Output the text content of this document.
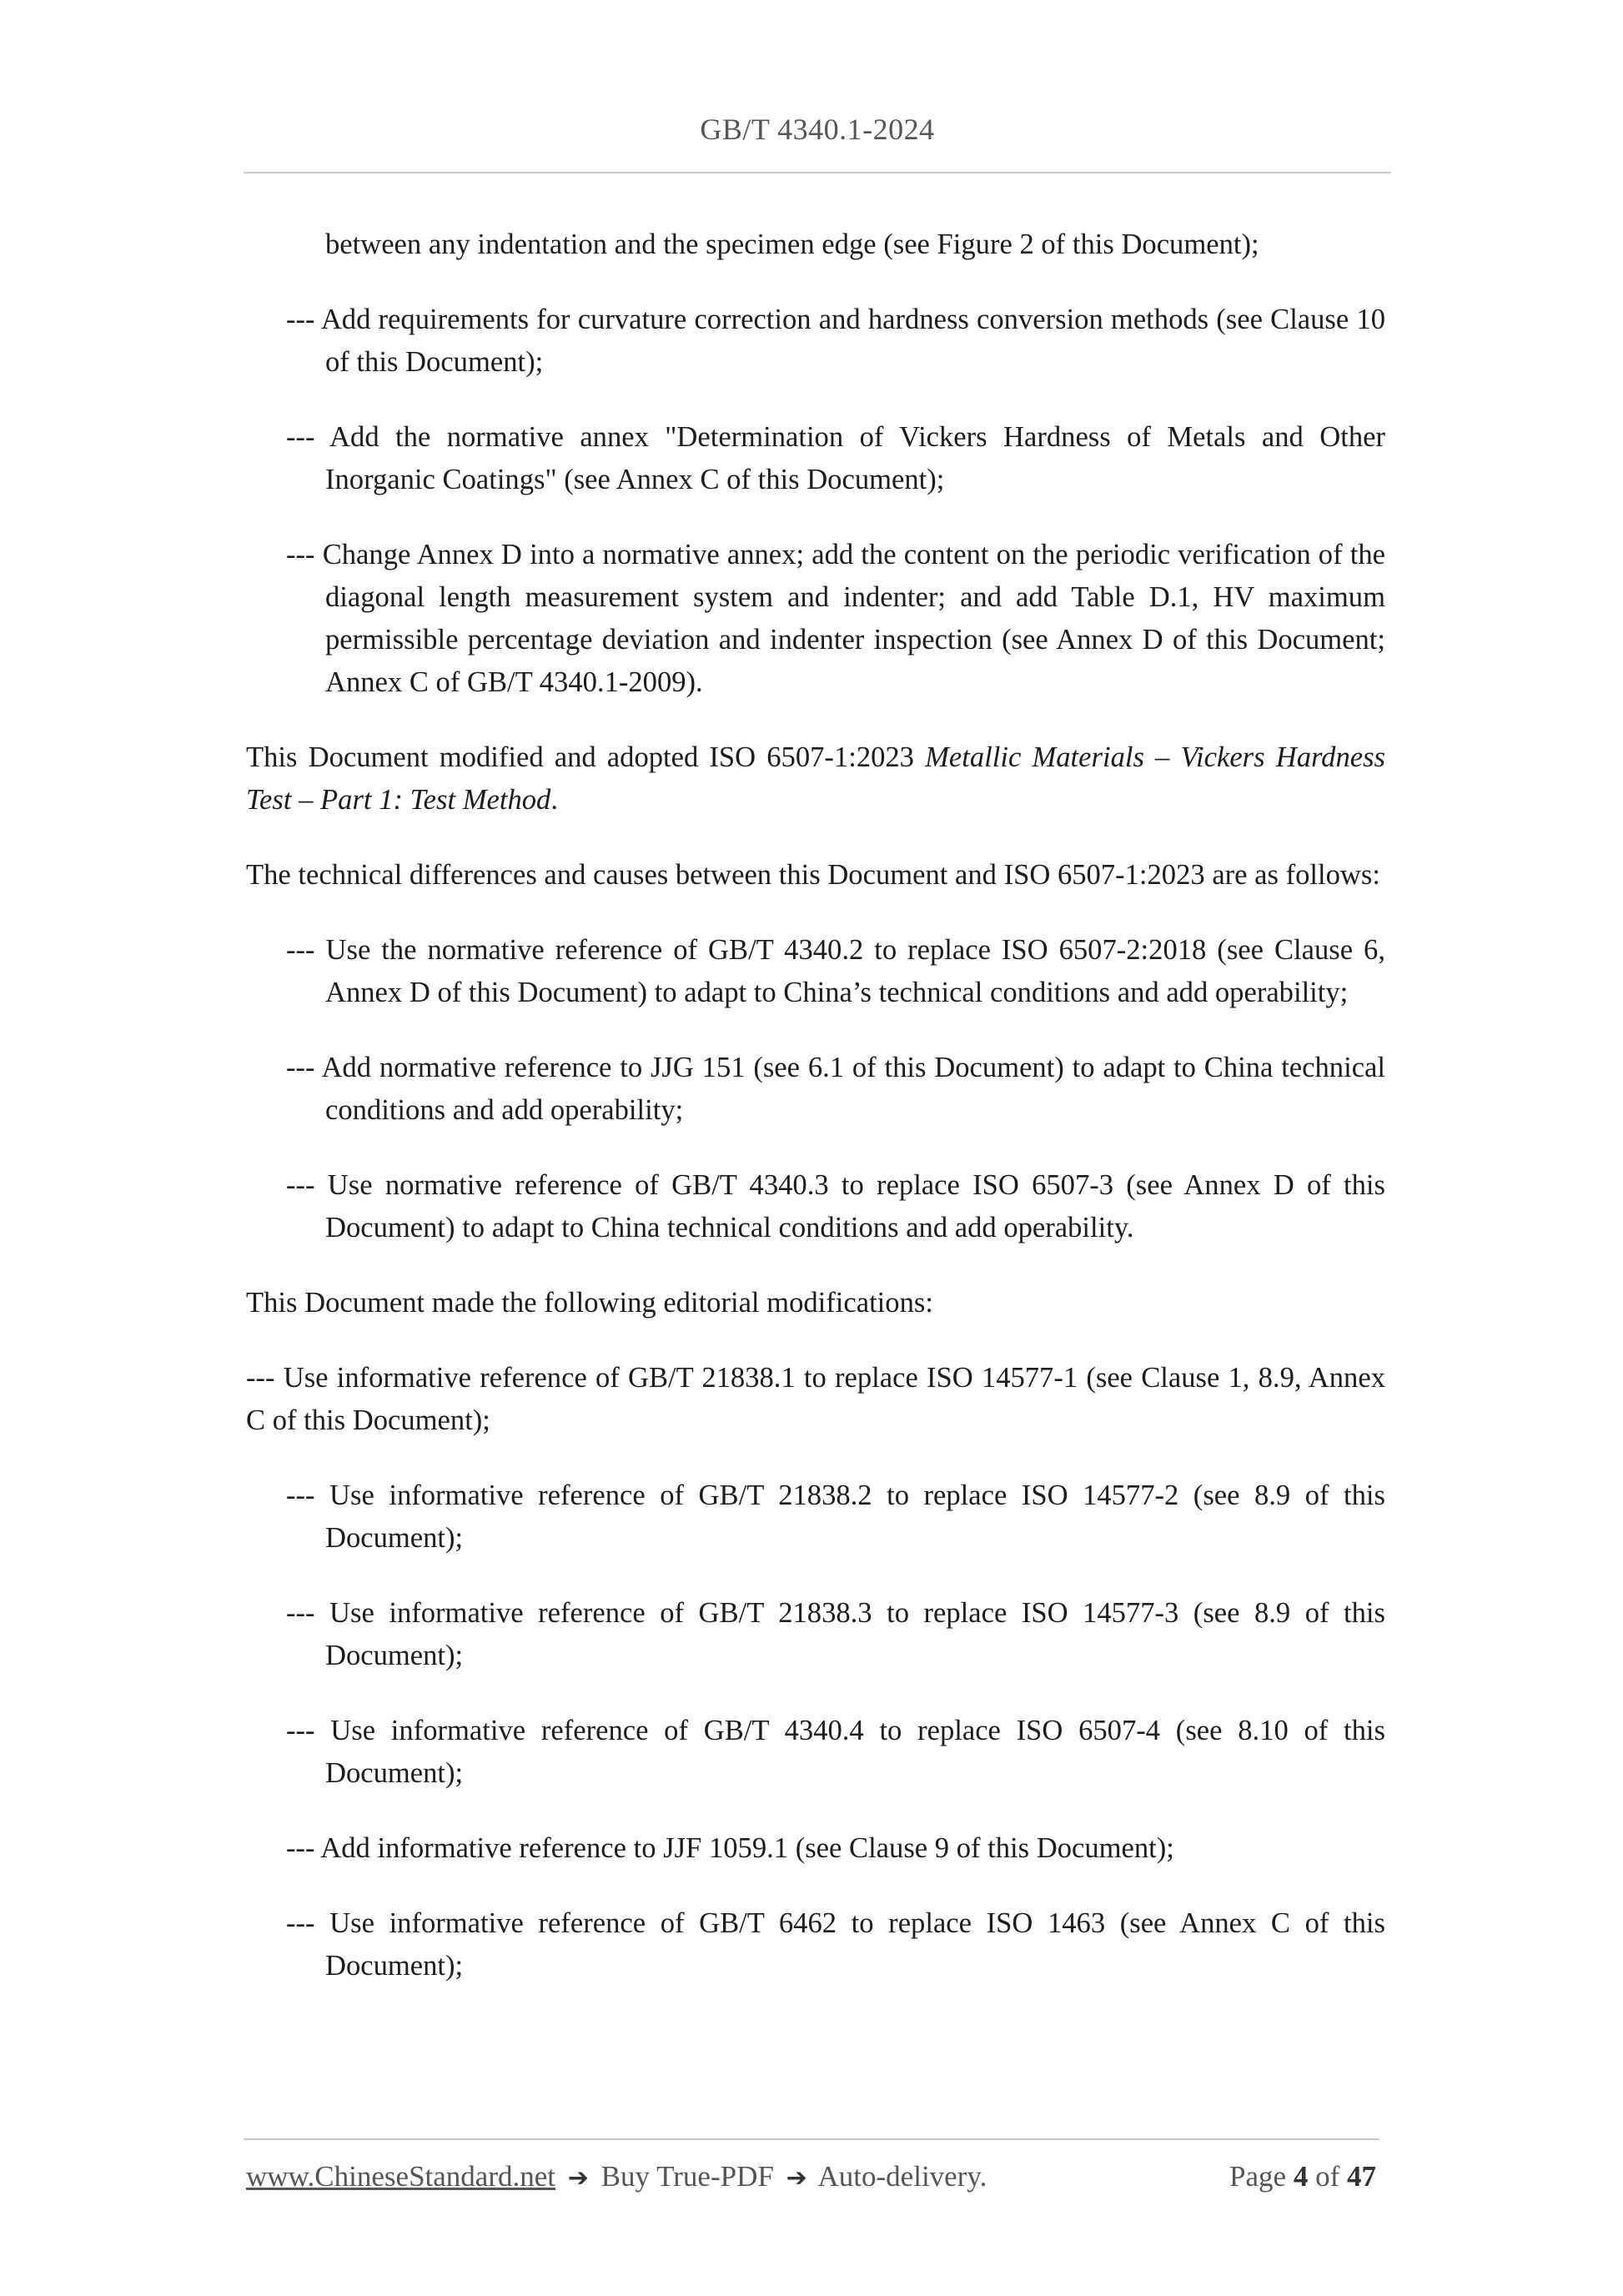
GB/T 4340.1-2024

between any indentation and the specimen edge (see Figure 2 of this Document);

--- Add requirements for curvature correction and hardness conversion methods (see Clause 10 of this Document);

--- Add the normative annex "Determination of Vickers Hardness of Metals and Other Inorganic Coatings" (see Annex C of this Document);

--- Change Annex D into a normative annex; add the content on the periodic verification of the diagonal length measurement system and indenter; and add Table D.1, HV maximum permissible percentage deviation and indenter inspection (see Annex D of this Document; Annex C of GB/T 4340.1-2009).

This Document modified and adopted ISO 6507-1:2023 Metallic Materials – Vickers Hardness Test – Part 1: Test Method.

The technical differences and causes between this Document and ISO 6507-1:2023 are as follows:

--- Use the normative reference of GB/T 4340.2 to replace ISO 6507-2:2018 (see Clause 6, Annex D of this Document) to adapt to China’s technical conditions and add operability;

--- Add normative reference to JJG 151 (see 6.1 of this Document) to adapt to China technical conditions and add operability;

--- Use normative reference of GB/T 4340.3 to replace ISO 6507-3 (see Annex D of this Document) to adapt to China technical conditions and add operability.

This Document made the following editorial modifications:

--- Use informative reference of GB/T 21838.1 to replace ISO 14577-1 (see Clause 1, 8.9, Annex C of this Document);

--- Use informative reference of GB/T 21838.2 to replace ISO 14577-2 (see 8.9 of this Document);

--- Use informative reference of GB/T 21838.3 to replace ISO 14577-3 (see 8.9 of this Document);

--- Use informative reference of GB/T 4340.4 to replace ISO 6507-4 (see 8.10 of this Document);

--- Add informative reference to JJF 1059.1 (see Clause 9 of this Document);

--- Use informative reference of GB/T 6462 to replace ISO 1463 (see Annex C of this Document);

www.ChineseStandard.net ➔ Buy True-PDF ➔ Auto-delivery.	Page 4 of 47
